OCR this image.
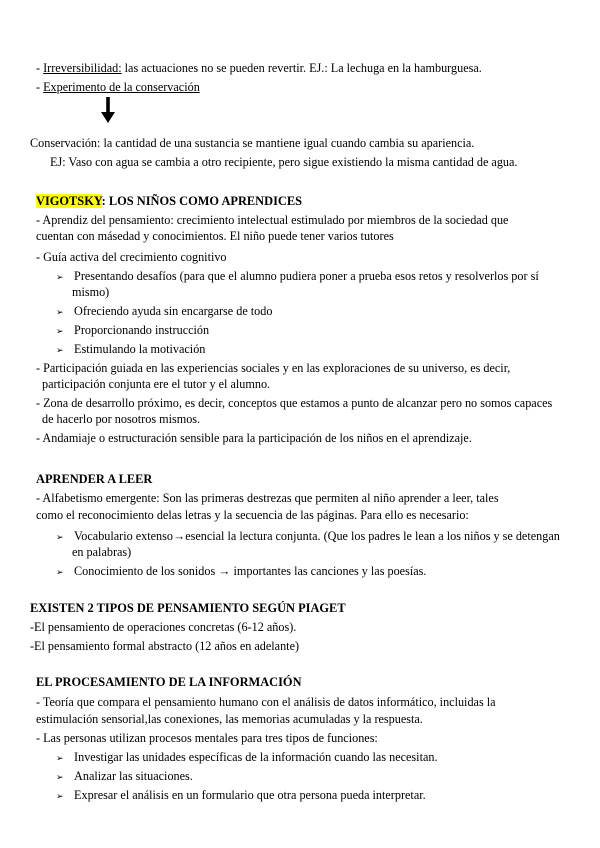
- Irreversibilidad: las actuaciones no se pueden revertir. EJ.: La lechuga en la hamburguesa.
- Experimento de la conservación
Conservación: la cantidad de una sustancia se mantiene igual cuando cambia su apariencia.
EJ: Vaso con agua se cambia a otro recipiente, pero sigue existiendo la misma cantidad de agua.
VIGOTSKY: LOS NIÑOS COMO APRENDICES
- Aprendiz del pensamiento: crecimiento intelectual estimulado por miembros de la sociedad que
cuentan con másedad y conocimientos. El niño puede tener varios tutores
- Guía activa del crecimiento cognitivo
➢ Presentando desafíos (para que el alumno pudiera poner a prueba esos retos y resolverlos por sí
mismo)
➢ Ofreciendo ayuda sin encargarse de todo
➢ Proporcionando instrucción
➢ Estimulando la motivación
- Participación guiada en las experiencias sociales y en las exploraciones de su universo, es decir,
participación conjunta ere el tutor y el alumno.
- Zona de desarrollo próximo, es decir, conceptos que estamos a punto de alcanzar pero no somos capaces
de hacerlo por nosotros mismos.
- Andamiaje o estructuración sensible para la participación de los niños en el aprendizaje.
APRENDER A LEER
- Alfabetismo emergente: Son las primeras destrezas que permiten al niño aprender a leer, tales
como el reconocimiento delas letras y la secuencia de las páginas. Para ello es necesario:
➢ Vocabulario extenso→esencial la lectura conjunta. (Que los padres le lean a los niños y se detengan
en palabras)
➢ Conocimiento de los sonidos → importantes las canciones y las poesías.
EXISTEN 2 TIPOS DE PENSAMIENTO SEGÚN PIAGET
-El pensamiento de operaciones concretas (6-12 años).
-El pensamiento formal abstracto (12 años en adelante)
EL PROCESAMIENTO DE LA INFORMACIÓN
- Teoría que compara el pensamiento humano con el análisis de datos informático, incluidas la
estimulación sensorial,las conexiones, las memorias acumuladas y la respuesta.
- Las personas utilizan procesos mentales para tres tipos de funciones:
➢ Investigar las unidades específicas de la información cuando las necesitan.
➢ Analizar las situaciones.
➢ Expresar el análisis en un formulario que otra persona pueda interpretar.
